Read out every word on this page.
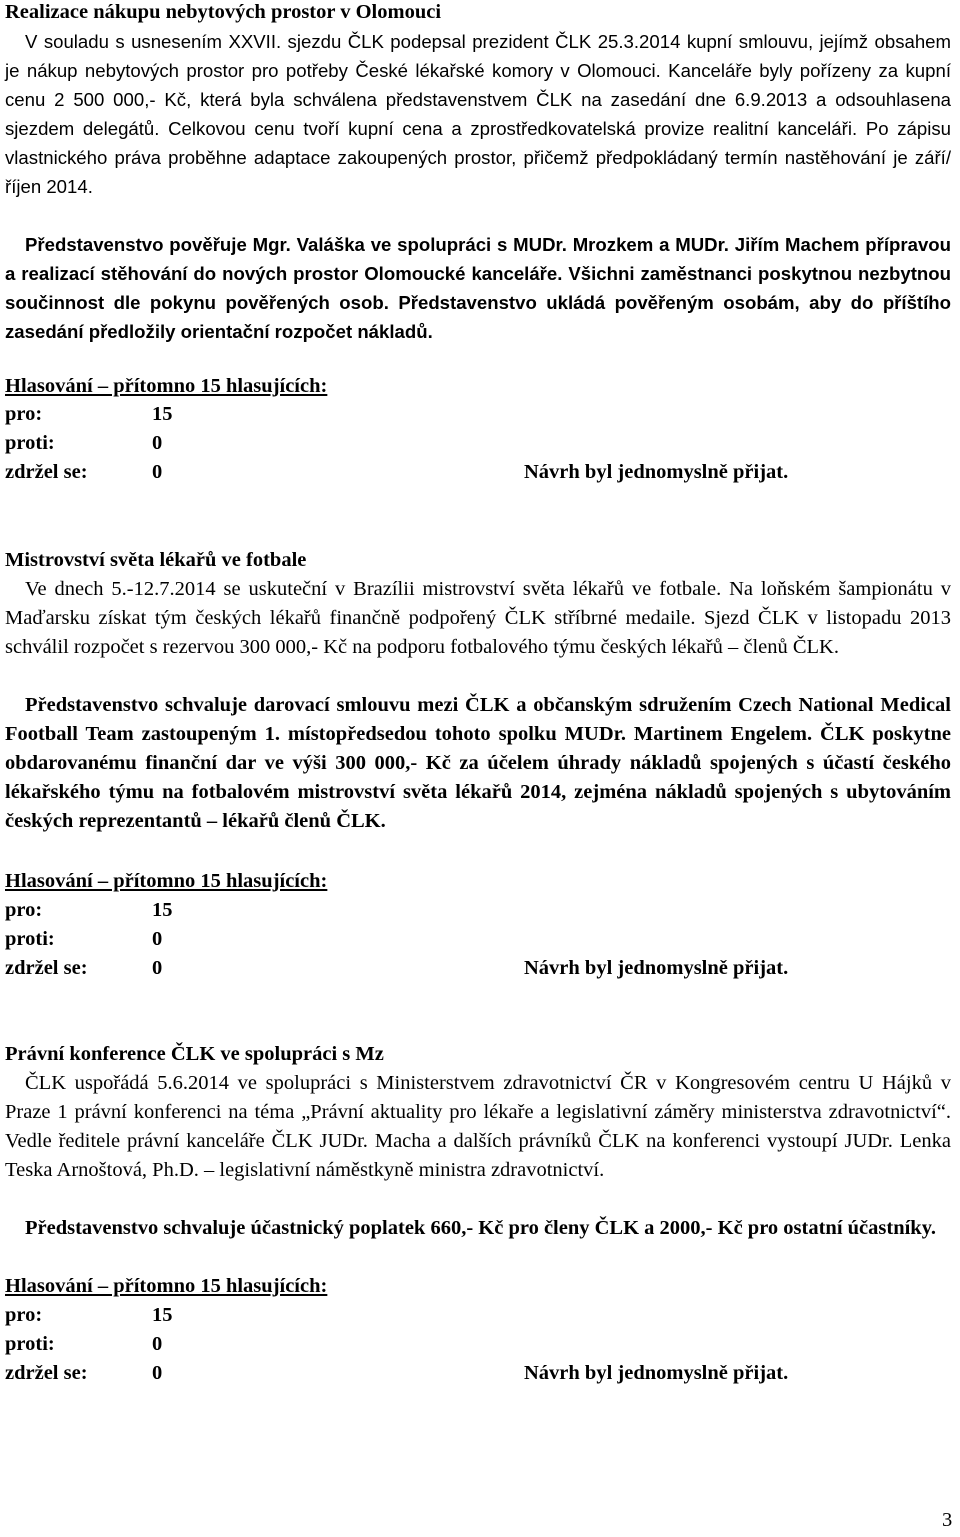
Realizace nákupu nebytových prostor v Olomouci
V souladu s usnesením XXVII. sjezdu ČLK podepsal prezident ČLK 25.3.2014 kupní smlouvu, jejímž obsahem je nákup nebytových prostor pro potřeby České lékařské komory v Olomouci. Kanceláře byly pořízeny za kupní cenu 2 500 000,- Kč, která byla schválena představenstvem ČLK na zasedání dne 6.9.2013 a odsouhlasena sjezdem delegátů. Celkovou cenu tvoří kupní cena a zprostředkovatelská provize realitní kanceláři. Po zápisu vlastnického práva proběhne adaptace zakoupených prostor, přičemž předpokládaný termín nastěhování je září/říjen 2014.
Představenstvo pověřuje Mgr. Valáška ve spolupráci s MUDr. Mrozkem a MUDr. Jiřím Machem přípravou a realizací stěhování do nových prostor Olomoucké kanceláře. Všichni zaměstnanci poskytnou nezbytnou součinnost dle pokynu pověřených osob. Představenstvo ukládá pověřeným osobám, aby do příštího zasedání předložily orientační rozpočet nákladů.
Hlasování – přítomno 15 hlasujících:
pro:	15
proti:	0
zdržel se:	0	Návrh byl jednomyslně přijat.
Mistrovství světa lékařů ve fotbale
Ve dnech 5.-12.7.2014 se uskuteční v Brazílii mistrovství světa lékařů ve fotbale. Na loňském šampionátu v Maďarsku získat tým českých lékařů finančně podpořený ČLK stříbrné medaile. Sjezd ČLK v listopadu 2013 schválil rozpočet s rezervou 300 000,- Kč na podporu fotbalového týmu českých lékařů – členů ČLK.
Představenstvo schvaluje darovací smlouvu mezi ČLK a občanským sdružením Czech National Medical Football Team zastoupeným 1. místopředsedou tohoto spolku MUDr. Martinem Engelem. ČLK poskytne obdarovanému finanční dar ve výši 300 000,- Kč za účelem úhrady nákladů spojených s účastí českého lékařského týmu na fotbalovém mistrovství světa lékařů 2014, zejména nákladů spojených s ubytováním českých reprezentantů – lékařů členů ČLK.
Hlasování – přítomno 15 hlasujících:
pro:	15
proti:	0
zdržel se:	0	Návrh byl jednomyslně přijat.
Právní konference ČLK ve spolupráci s Mz
ČLK uspořádá 5.6.2014 ve spolupráci s Ministerstvem zdravotnictví ČR v Kongresovém centru U Hájků v Praze 1 právní konferenci na téma „Právní aktuality pro lékaře a legislativní záměry ministerstva zdravotnictví“. Vedle ředitele právní kanceláře ČLK JUDr. Macha a dalších právníků ČLK na konferenci vystoupí JUDr. Lenka Teska Arnoštová, Ph.D. – legislativní náměstkyně ministra zdravotnictví.
Představenstvo schvaluje účastnický poplatek 660,- Kč pro členy ČLK a 2000,- Kč pro ostatní účastníky.
Hlasování – přítomno 15 hlasujících:
pro:	15
proti:	0
zdržel se:	0	Návrh byl jednomyslně přijat.
3
